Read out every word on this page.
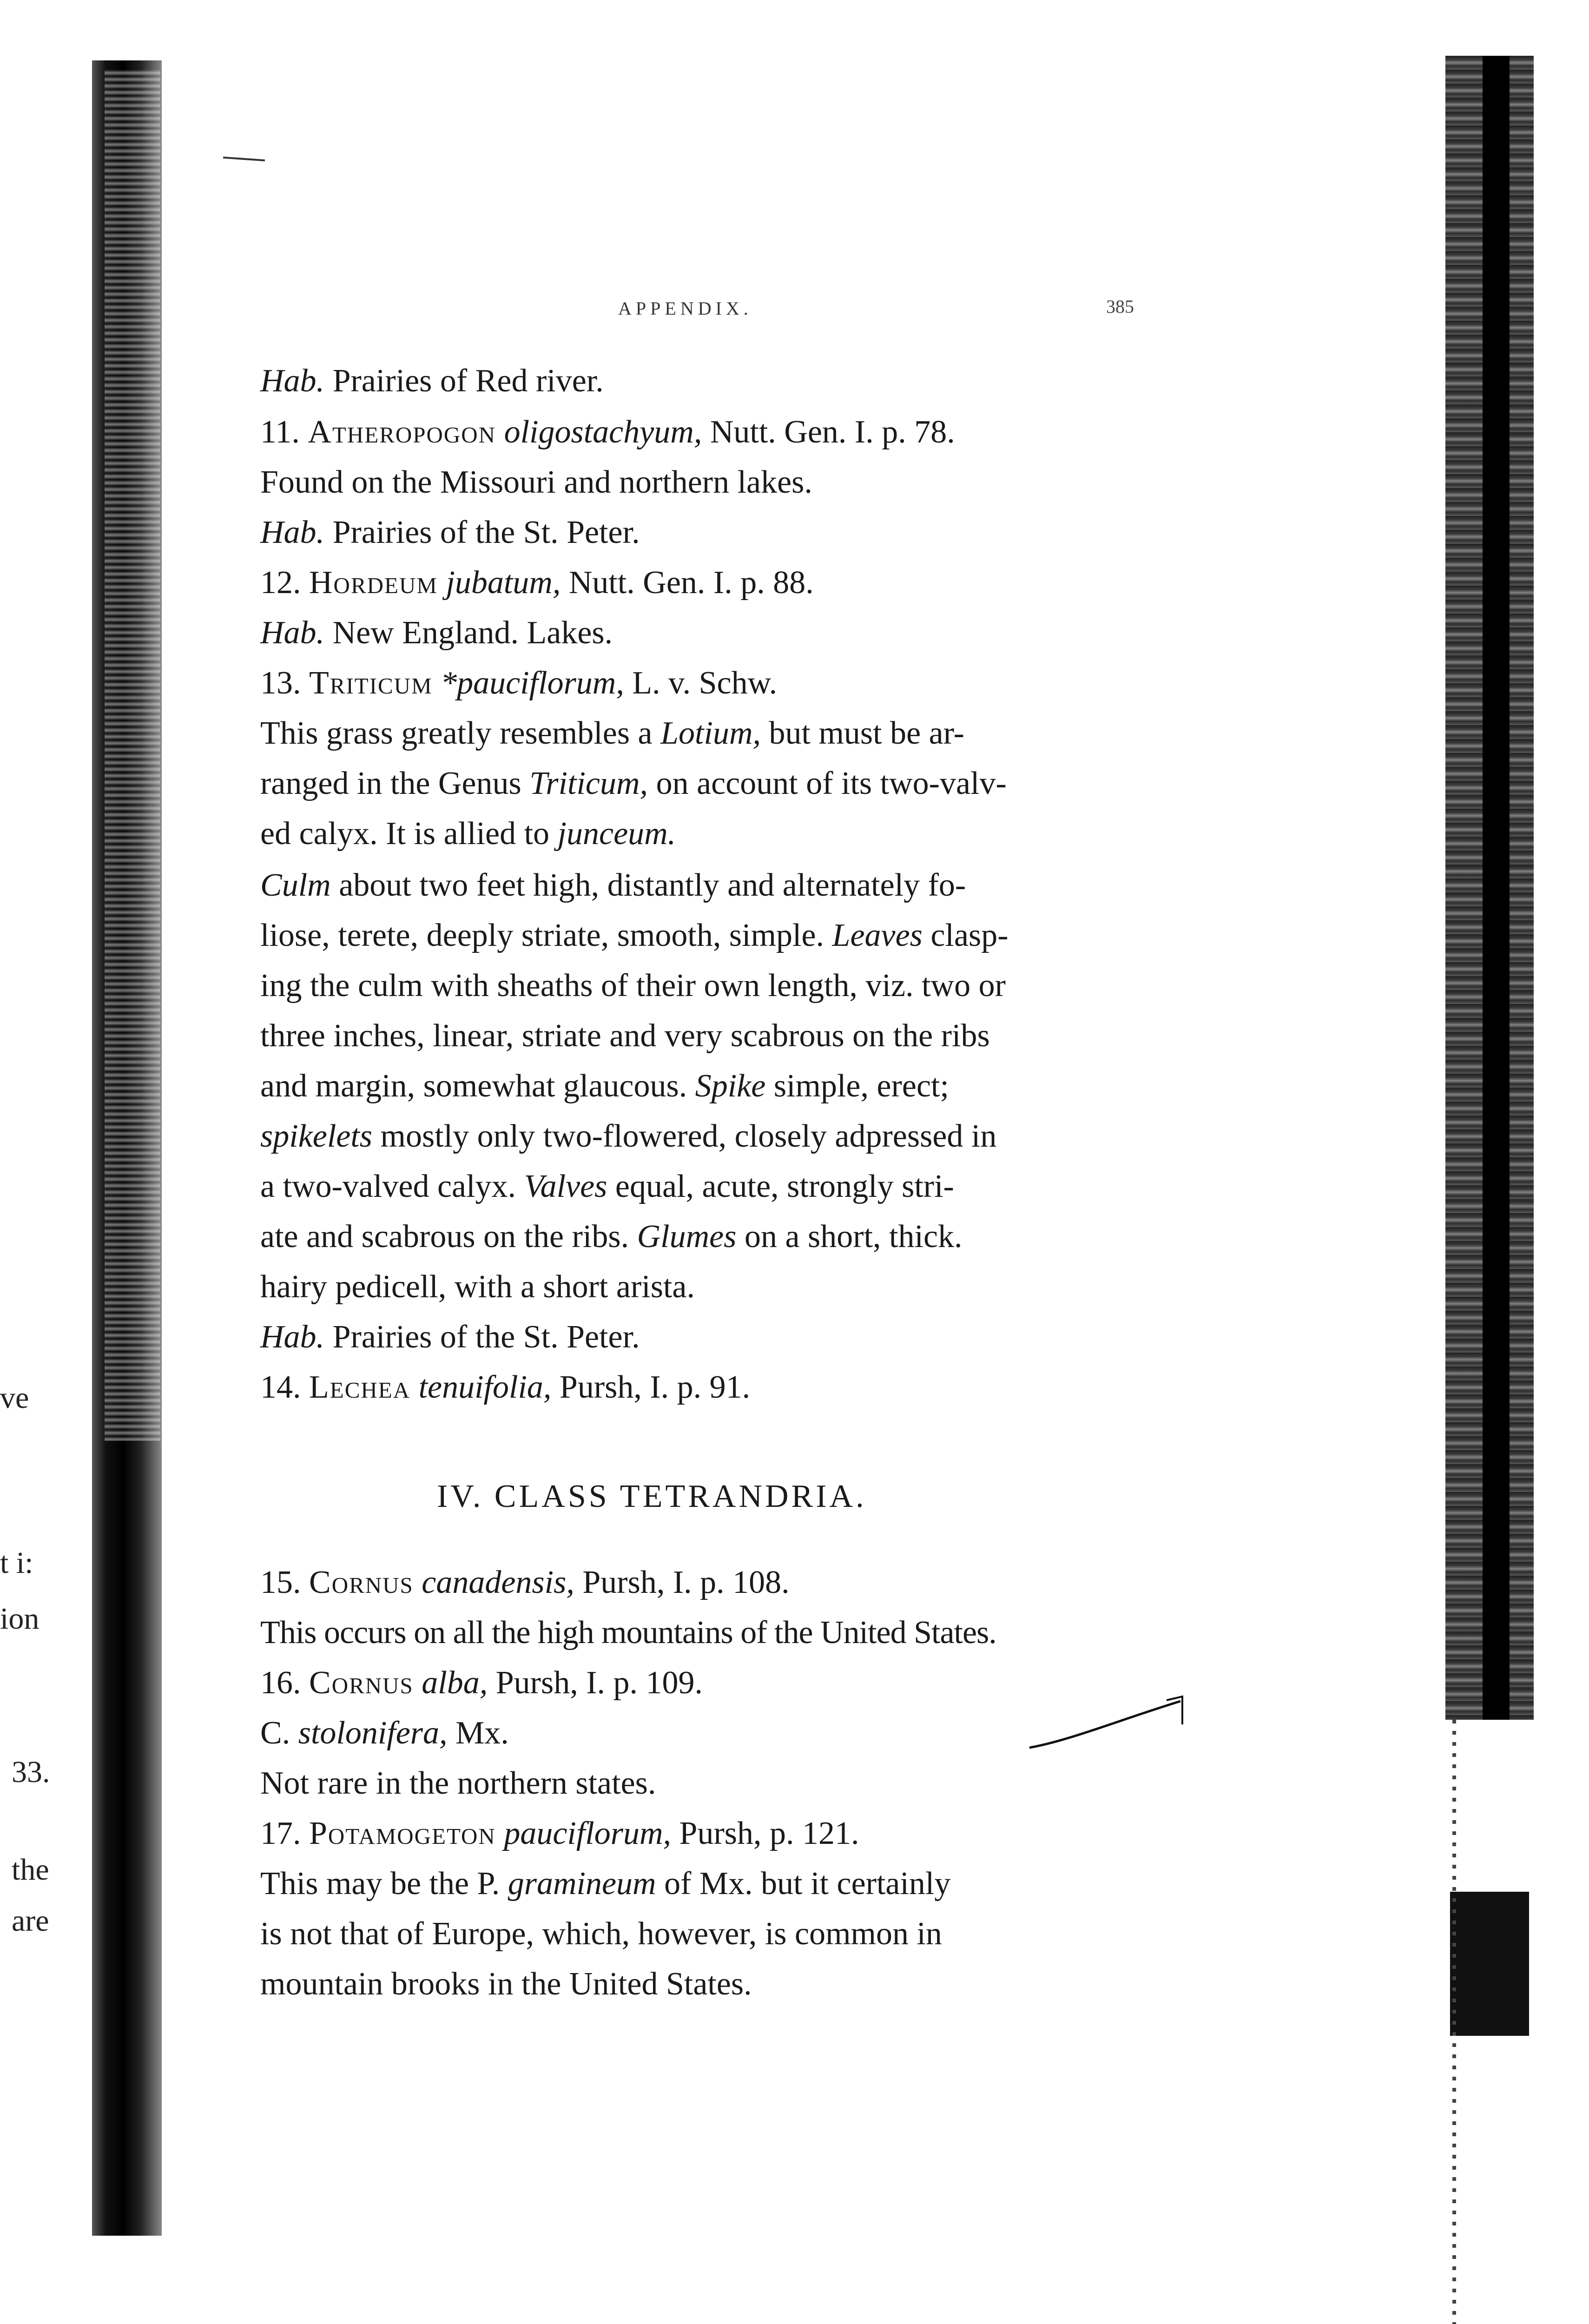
ve
t i:
ion
33.
the
are
APPENDIX.	385
Hab. Prairies of Red river.
11. Atheropogon oligostachyum, Nutt. Gen. I. p. 78.
Found on the Missouri and northern lakes.
Hab. Prairies of the St. Peter.
12. Hordeum jubatum, Nutt. Gen. I. p. 88.
Hab. New England. Lakes.
13. Triticum *pauciflorum, L. v. Schw.
This grass greatly resembles a Lotium, but must be ar-
ranged in the Genus Triticum, on account of its two-valv-
ed calyx. It is allied to junceum.
Culm about two feet high, distantly and alternately fo-
liose, terete, deeply striate, smooth, simple. Leaves clasp-
ing the culm with sheaths of their own length, viz. two or
three inches, linear, striate and very scabrous on the ribs
and margin, somewhat glaucous. Spike simple, erect;
spikelets mostly only two-flowered, closely adpressed in
a two-valved calyx. Valves equal, acute, strongly stri-
ate and scabrous on the ribs. Glumes on a short, thick.
hairy pedicell, with a short arista.
Hab. Prairies of the St. Peter.
14. Lechea tenuifolia, Pursh, I. p. 91.
IV. CLASS TETRANDRIA.
15. Cornus canadensis, Pursh, I. p. 108.
This occurs on all the high mountains of the United States.
16. Cornus alba, Pursh, I. p. 109.
C. stolonifera, Mx.
Not rare in the northern states.
17. Potamogeton pauciflorum, Pursh, p. 121.
This may be the P. gramineum of Mx. but it certainly
is not that of Europe, which, however, is common in
mountain brooks in the United States.
